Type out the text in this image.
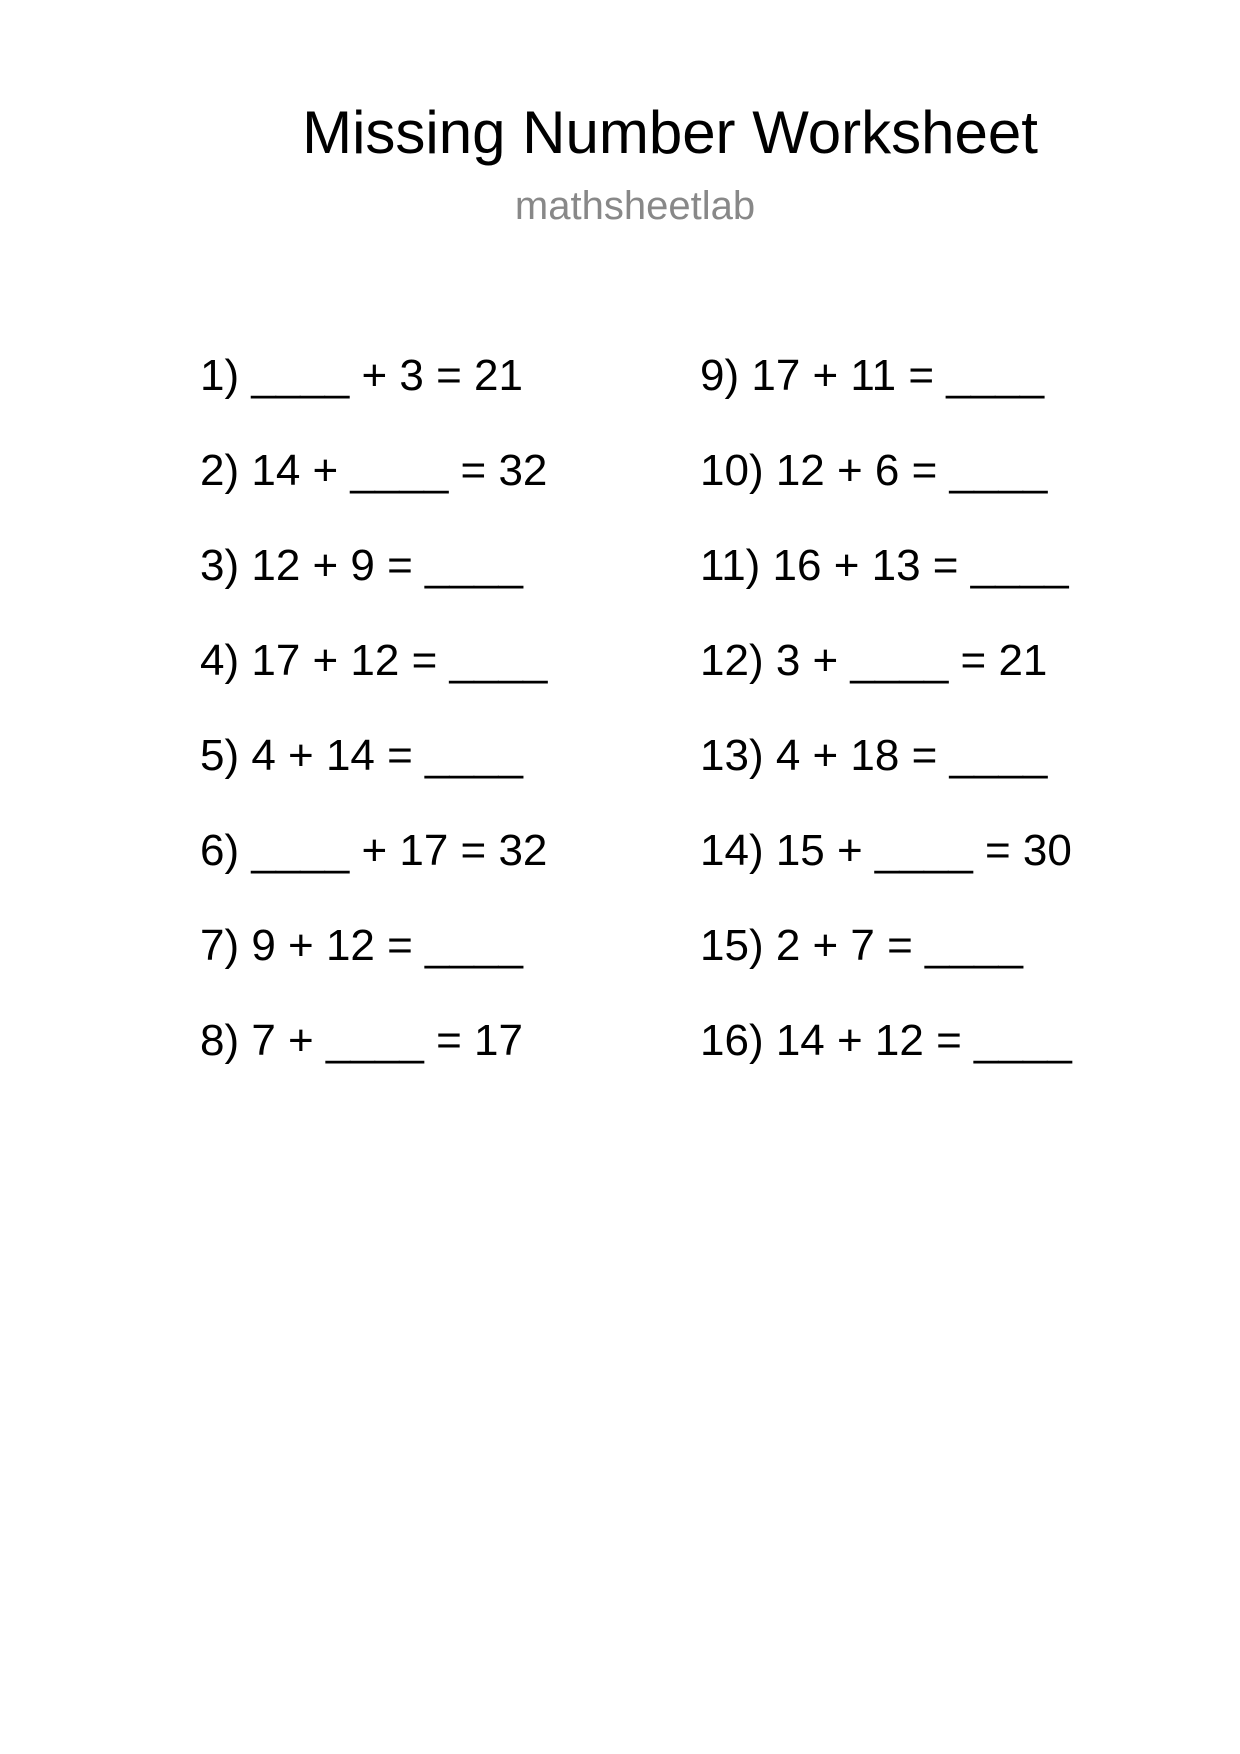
Missing Number Worksheet
mathsheetlab
1) ____ + 3 = 21
2) 14 + ____ = 32
3) 12 + 9 = ____
4) 17 + 12 = ____
5) 4 + 14 = ____
6) ____ + 17 = 32
7) 9 + 12 = ____
8) 7 + ____ = 17
9) 17 + 11 = ____
10) 12 + 6 = ____
11) 16 + 13 = ____
12) 3 + ____ = 21
13) 4 + 18 = ____
14) 15 + ____ = 30
15) 2 + 7 = ____
16) 14 + 12 = ____
